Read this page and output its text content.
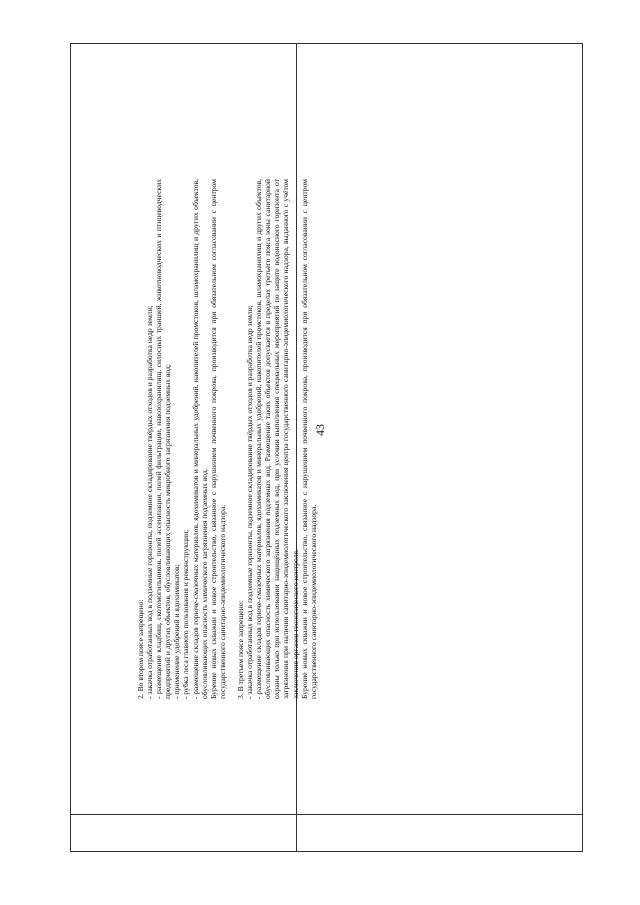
43

2. Во втором поясе запрещено: - закачка отработанных вод в подземные горизонты, подземное складирование твёрдых отходов и разработка недр земли; - размещение кладбищ, скотомогильников, полей ассенизации, полей фильтрации, навозохранилищ, силосных траншей, животноводческих и птицеводческих предприятий и других объектов, обусловливающих опасность микробного загрязнения подземных вод; - применение удобрений и ядохимикатов; - рубка леса главного пользования и реконструкции; - размещение складов горюче-смазочных материалов, ядохимикатов и минеральных удобрений, накопителей промстоков, шламохранилищ и других объектов, обусловливающих опасность химического загрязнения подземных вод. Бурение новых скважин и новое строительство, связанное с нарушением почвенного покрова, производится при обязательном согласовании с центром государственного санитарно-эпидемиологического надзора. 3. В третьем поясе запрещено: - закачка отработанных вод в подземные горизонты, подземное складирование твёрдых отходов и разработка недр земли; - размещение складов горюче-смазочных материалов, ядохимикатов и минеральных удобрений, накопителей промстоков, шламохранилищ и других объектов, обусловливающих опасность химического загрязнения подземных вод. Размещение таких объектов допускается в пределах третьего пояса зоны санитарной охраны только при использовании защищённых подземных вод, при условии выполнения специальных мероприятий по защите водоносного горизонта от загрязнения при наличии санитарно-эпидемиологического заключения центра государственного санитарно-эпидемиологического надзора, выданного с учётом заключения органов геологического контроля. Бурение новых скважин и новое строительство, связанное с нарушением почвенного покрова, производится при обязательном согласовании с центром государственного санитарно-эпидемиологического надзора.
